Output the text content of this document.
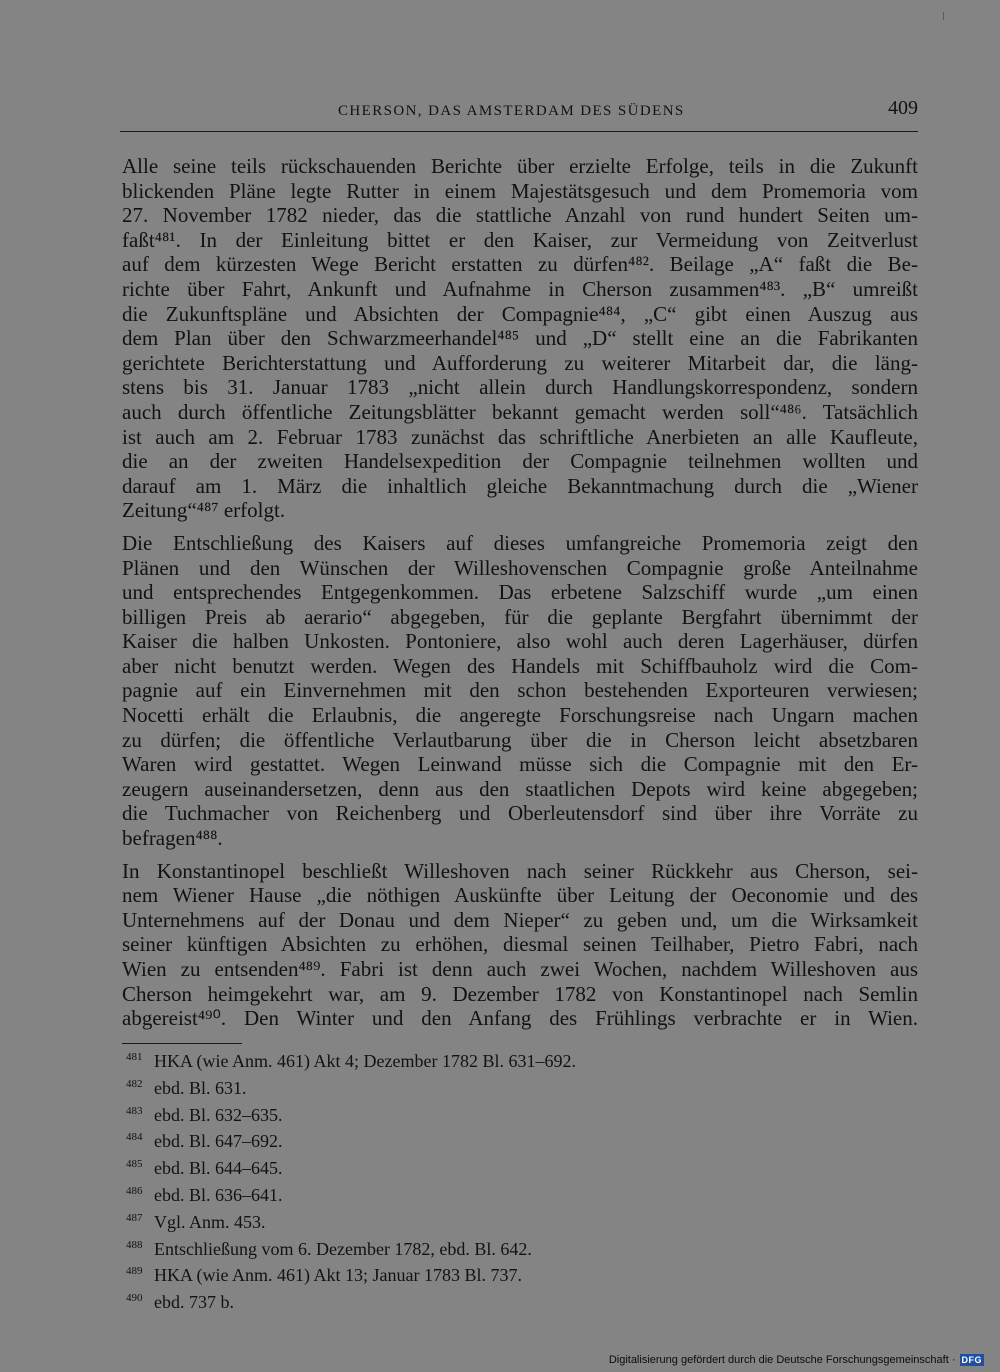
CHERSON, DAS AMSTERDAM DES SÜDENS	409
Alle seine teils rückschauenden Berichte über erzielte Erfolge, teils in die Zukunft
blickenden Pläne legte Rutter in einem Majestätsgesuch und dem Promemoria vom
27. November 1782 nieder, das die stattliche Anzahl von rund hundert Seiten um-
faßt⁴⁸¹. In der Einleitung bittet er den Kaiser, zur Vermeidung von Zeitverlust
auf dem kürzesten Wege Bericht erstatten zu dürfen⁴⁸². Beilage „A“ faßt die Be-
richte über Fahrt, Ankunft und Aufnahme in Cherson zusammen⁴⁸³. „B“ umreißt
die Zukunftspläne und Absichten der Compagnie⁴⁸⁴, „C“ gibt einen Auszug aus
dem Plan über den Schwarzmeerhandel⁴⁸⁵ und „D“ stellt eine an die Fabrikanten
gerichtete Berichterstattung und Aufforderung zu weiterer Mitarbeit dar, die läng-
stens bis 31. Januar 1783 „nicht allein durch Handlungskorrespondenz, sondern
auch durch öffentliche Zeitungsblätter bekannt gemacht werden soll“⁴⁸⁶. Tatsächlich
ist auch am 2. Februar 1783 zunächst das schriftliche Anerbieten an alle Kaufleute,
die an der zweiten Handelsexpedition der Compagnie teilnehmen wollten und
darauf am 1. März die inhaltlich gleiche Bekanntmachung durch die „Wiener
Zeitung“⁴⁸⁷ erfolgt.
Die Entschließung des Kaisers auf dieses umfangreiche Promemoria zeigt den
Plänen und den Wünschen der Willeshovenschen Compagnie große Anteilnahme
und entsprechendes Entgegenkommen. Das erbetene Salzschiff wurde „um einen
billigen Preis ab aerario“ abgegeben, für die geplante Bergfahrt übernimmt der
Kaiser die halben Unkosten. Pontoniere, also wohl auch deren Lagerhäuser, dürfen
aber nicht benutzt werden. Wegen des Handels mit Schiffbauholz wird die Com-
pagnie auf ein Einvernehmen mit den schon bestehenden Exporteuren verwiesen;
Nocetti erhält die Erlaubnis, die angeregte Forschungsreise nach Ungarn machen
zu dürfen; die öffentliche Verlautbarung über die in Cherson leicht absetzbaren
Waren wird gestattet. Wegen Leinwand müsse sich die Compagnie mit den Er-
zeugern auseinandersetzen, denn aus den staatlichen Depots wird keine abgegeben;
die Tuchmacher von Reichenberg und Oberleutensdorf sind über ihre Vorräte zu
befragen⁴⁸⁸.
In Konstantinopel beschließt Willeshoven nach seiner Rückkehr aus Cherson, sei-
nem Wiener Hause „die nöthigen Auskünfte über Leitung der Oeconomie und des
Unternehmens auf der Donau und dem Nieper“ zu geben und, um die Wirksamkeit
seiner künftigen Absichten zu erhöhen, diesmal seinen Teilhaber, Pietro Fabri, nach
Wien zu entsenden⁴⁸⁹. Fabri ist denn auch zwei Wochen, nachdem Willeshoven aus
Cherson heimgekehrt war, am 9. Dezember 1782 von Konstantinopel nach Semlin
abgereist⁴⁹⁰. Den Winter und den Anfang des Frühlings verbrachte er in Wien.
481 HKA (wie Anm. 461) Akt 4; Dezember 1782 Bl. 631–692.
482 ebd. Bl. 631.
483 ebd. Bl. 632–635.
484 ebd. Bl. 647–692.
485 ebd. Bl. 644–645.
486 ebd. Bl. 636–641.
487 Vgl. Anm. 453.
488 Entschließung vom 6. Dezember 1782, ebd. Bl. 642.
489 HKA (wie Anm. 461) Akt 13; Januar 1783 Bl. 737.
490 ebd. 737 b.
Digitalisierung gefördert durch die Deutsche Forschungsgemeinschaft · DFG
